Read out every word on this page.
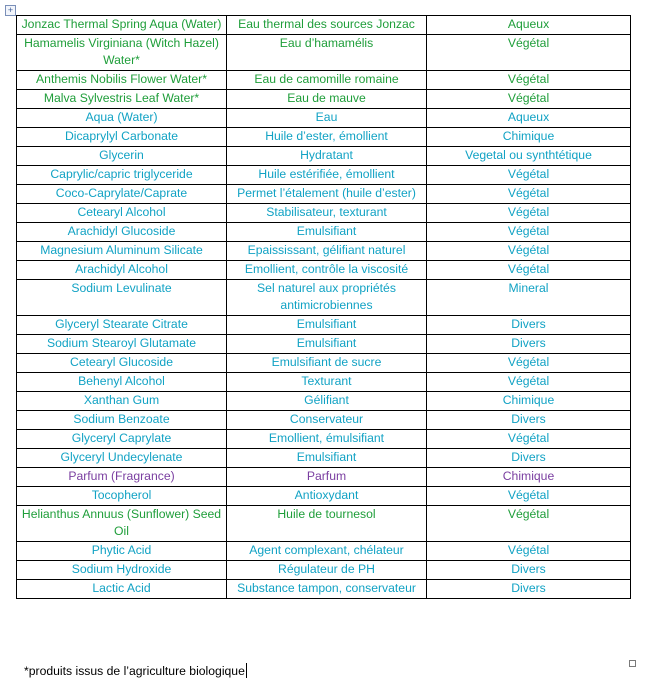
+
Jonzac Thermal Spring Aqua (Water)	Eau thermal des sources Jonzac	Aqueux
Hamamelis Virginiana (Witch Hazel) Water*	Eau d’hamamélis	Végétal
Anthemis Nobilis Flower Water*	Eau de camomille romaine	Végétal
Malva Sylvestris Leaf Water*	Eau de mauve	Végétal
Aqua (Water)	Eau	Aqueux
Dicaprylyl Carbonate	Huile d’ester, émollient	Chimique
Glycerin	Hydratant	Vegetal ou synthtétique
Caprylic/capric triglyceride	Huile estérifiée, émollient	Végétal
Coco-Caprylate/Caprate	Permet l’étalement (huile d’ester)	Végétal
Cetearyl Alcohol	Stabilisateur, texturant	Végétal
Arachidyl Glucoside	Emulsifiant	Végétal
Magnesium Aluminum Silicate	Epaississant, gélifiant naturel	Végétal
Arachidyl Alcohol	Emollient, contrôle la viscosité	Végétal
Sodium Levulinate	Sel naturel aux propriétés antimicrobiennes	Mineral
Glyceryl Stearate Citrate	Emulsifiant	Divers
Sodium Stearoyl Glutamate	Emulsifiant	Divers
Cetearyl Glucoside	Emulsifiant de sucre	Végétal
Behenyl Alcohol	Texturant	Végétal
Xanthan Gum	Gélifiant	Chimique
Sodium Benzoate	Conservateur	Divers
Glyceryl Caprylate	Emollient, émulsifiant	Végétal
Glyceryl Undecylenate	Emulsifiant	Divers
Parfum (Fragrance)	Parfum	Chimique
Tocopherol	Antioxydant	Végétal
Helianthus Annuus (Sunflower) Seed Oil	Huile de tournesol	Végétal
Phytic Acid	Agent complexant, chélateur	Végétal
Sodium Hydroxide	Régulateur de PH	Divers
Lactic Acid	Substance tampon, conservateur	Divers
*produits issus de l’agriculture biologique
